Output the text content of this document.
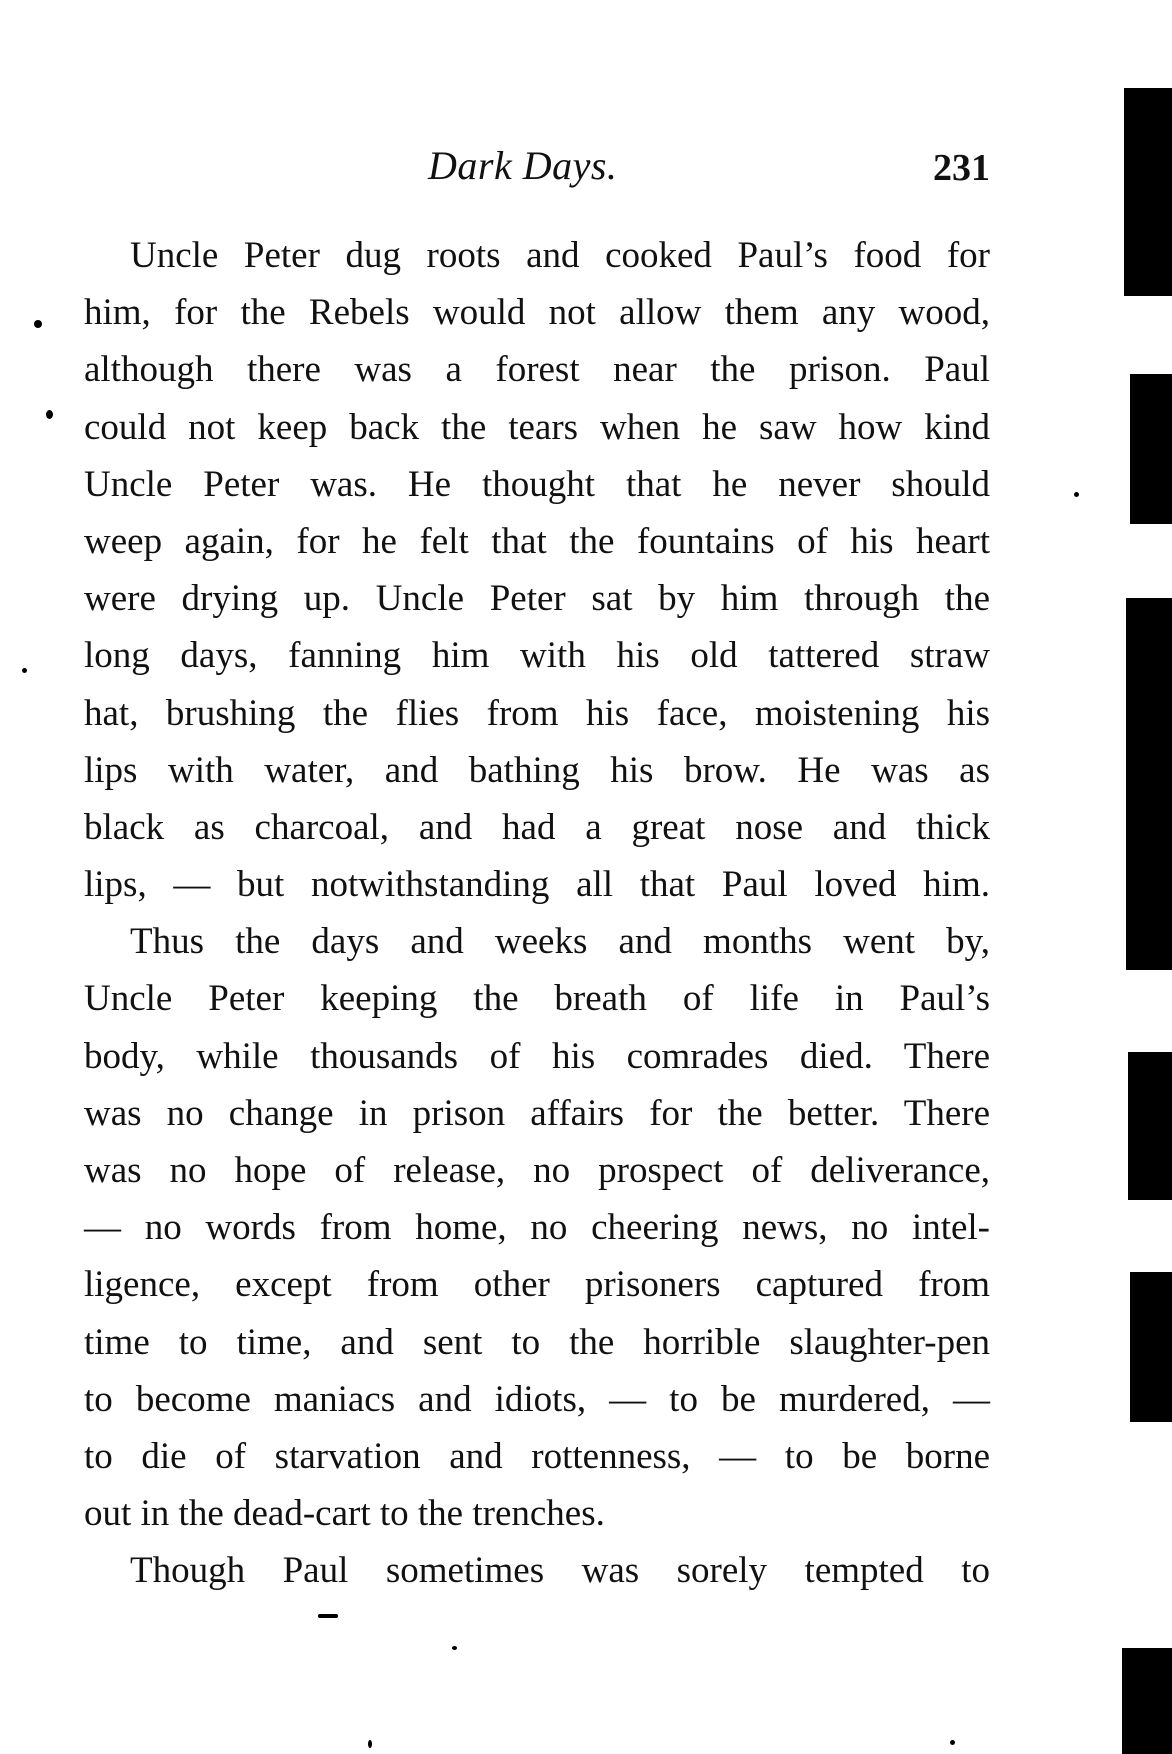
Dark Days.	231
Uncle Peter dug roots and cooked Paul’s food for
him, for the Rebels would not allow them any wood,
although there was a forest near the prison. Paul
could not keep back the tears when he saw how kind
Uncle Peter was. He thought that he never should
weep again, for he felt that the fountains of his heart
were drying up. Uncle Peter sat by him through the
long days, fanning him with his old tattered straw
hat, brushing the flies from his face, moistening his
lips with water, and bathing his brow. He was as
black as charcoal, and had a great nose and thick
lips, — but notwithstanding all that Paul loved him.
Thus the days and weeks and months went by,
Uncle Peter keeping the breath of life in Paul’s
body, while thousands of his comrades died. There
was no change in prison affairs for the better. There
was no hope of release, no prospect of deliverance,
— no words from home, no cheering news, no intel-
ligence, except from other prisoners captured from
time to time, and sent to the horrible slaughter-pen
to become maniacs and idiots, — to be murdered, —
to die of starvation and rottenness, — to be borne
out in the dead-cart to the trenches.
Though Paul sometimes was sorely tempted to
